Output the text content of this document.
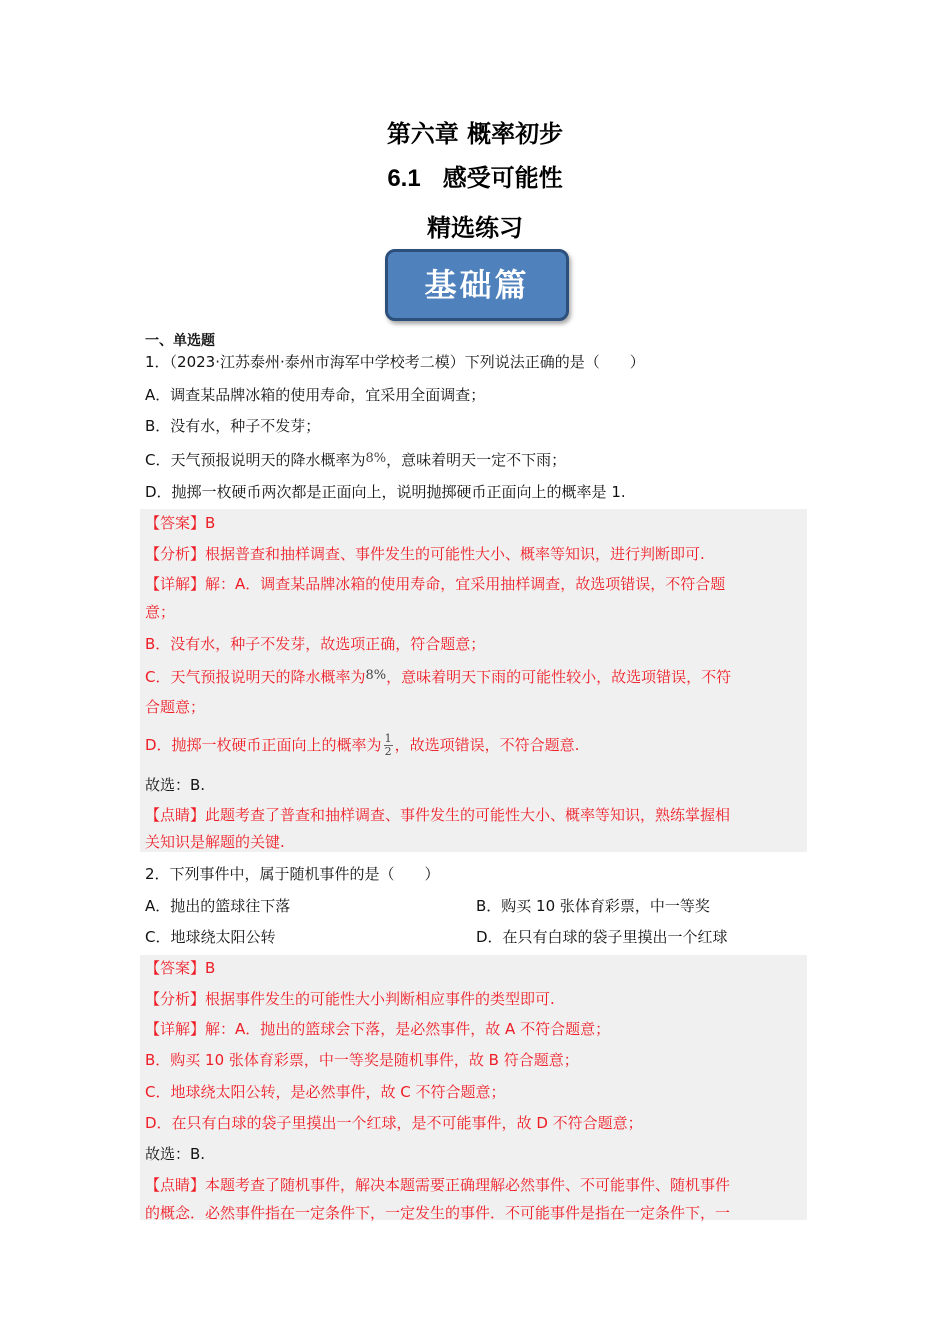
第六章 概率初步
6.1 感受可能性
精选练习
基础篇
一、单选题
1．（2023·江苏泰州·泰州市海军中学校考二模）下列说法正确的是（　　）
A．调查某品牌冰箱的使用寿命，宜采用全面调查；
B．没有水，种子不发芽；
C．天气预报说明天的降水概率为8%，意味着明天一定不下雨；
D．抛掷一枚硬币两次都是正面向上，说明抛掷硬币正面向上的概率是 1.
【答案】B
【分析】根据普查和抽样调查、事件发生的可能性大小、概率等知识，进行判断即可.
【详解】解：A．调查某品牌冰箱的使用寿命，宜采用抽样调查，故选项错误，不符合题
意；
B．没有水，种子不发芽，故选项正确，符合题意；
C．天气预报说明天的降水概率为8%，意味着明天下雨的可能性较小，故选项错误，不符
合题意；
D．抛掷一枚硬币正面向上的概率为 $\frac{1}{2}$ ，故选项错误，不符合题意.
故选：B.
【点睛】此题考查了普查和抽样调查、事件发生的可能性大小、概率等知识，熟练掌握相
关知识是解题的关键.
2．下列事件中，属于随机事件的是（　　）
A．抛出的篮球往下落	B．购买 10 张体育彩票，中一等奖
C．地球绕太阳公转	D．在只有白球的袋子里摸出一个红球
【答案】B
【分析】根据事件发生的可能性大小判断相应事件的类型即可.
【详解】解：A．抛出的篮球会下落，是必然事件，故 A 不符合题意；
B．购买 10 张体育彩票，中一等奖是随机事件，故 B 符合题意；
C．地球绕太阳公转，是必然事件，故 C 不符合题意；
D．在只有白球的袋子里摸出一个红球，是不可能事件，故 D 不符合题意；
故选：B.
【点睛】本题考查了随机事件，解决本题需要正确理解必然事件、不可能事件、随机事件
的概念．必然事件指在一定条件下，一定发生的事件．不可能事件是指在一定条件下，一
